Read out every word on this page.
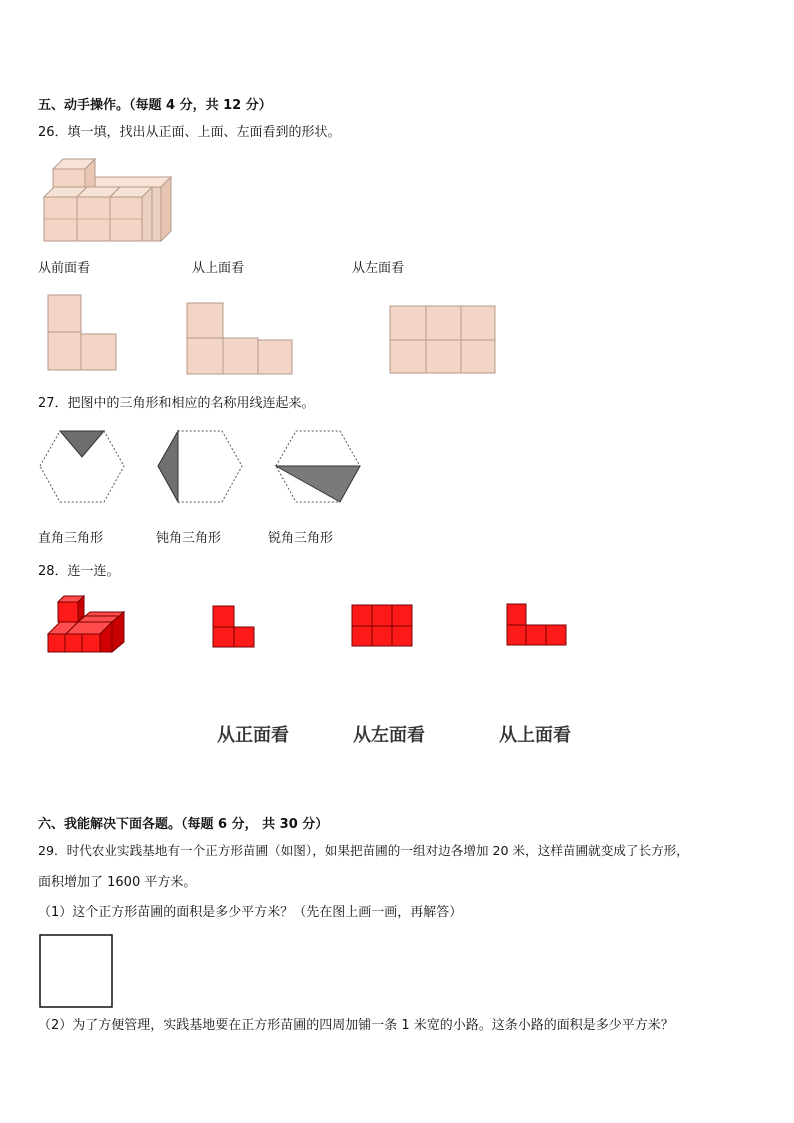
五、动手操作。（每题 4 分，共 12 分）
26．填一填，找出从正面、上面、左面看到的形状。
从前面看	从上面看	从左面看
27．把图中的三角形和相应的名称用线连起来。
直角三角形	钝角三角形	锐角三角形
28．连一连。
从正面看	从左面看	从上面看
六、我能解决下面各题。（每题 6 分， 共 30 分）
29．时代农业实践基地有一个正方形苗圃（如图），如果把苗圃的一组对边各增加 20 米，这样苗圃就变成了长方形，
面积增加了 1600 平方米。
（1）这个正方形苗圃的面积是多少平方米？（先在图上画一画，再解答）
（2）为了方便管理，实践基地要在正方形苗圃的四周加铺一条 1 米宽的小路。这条小路的面积是多少平方米？
